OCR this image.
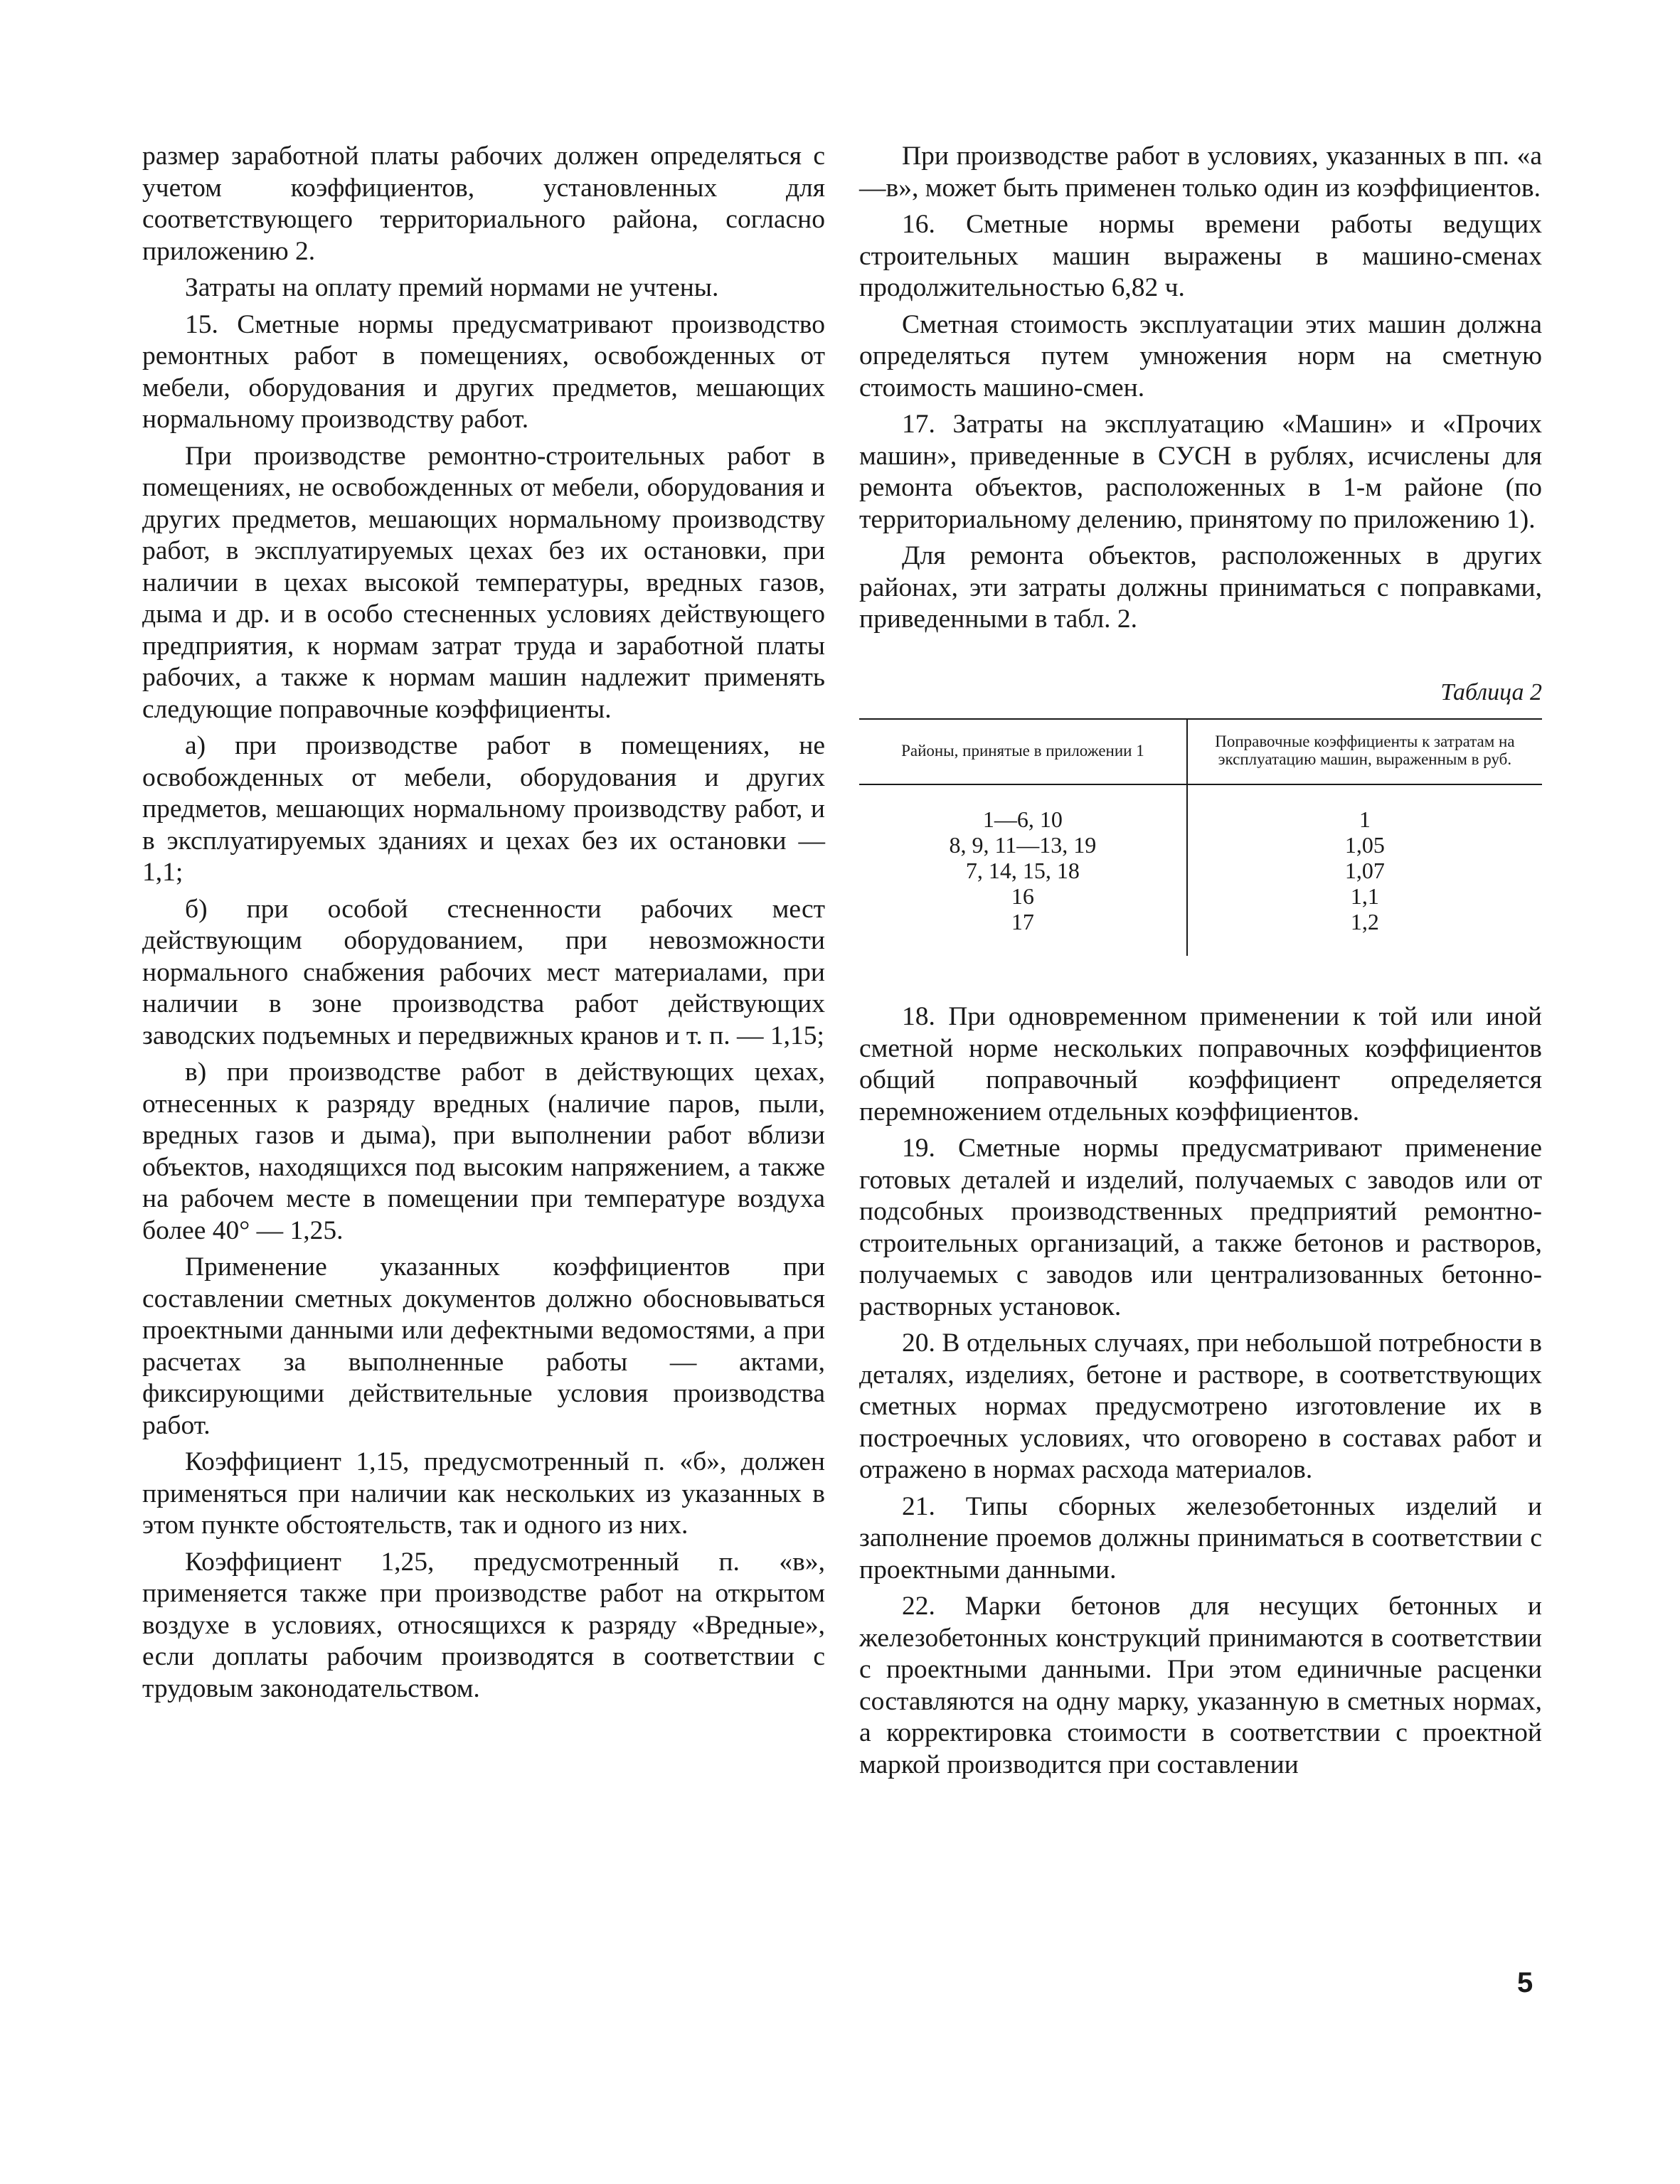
размер заработной платы рабочих должен определяться с учетом коэффициентов, установленных для соответствующего территориального района, согласно приложению 2.

Затраты на оплату премий нормами не учтены.

15. Сметные нормы предусматривают производство ремонтных работ в помещениях, освобожденных от мебели, оборудования и других предметов, мешающих нормальному производству работ.

При производстве ремонтно-строительных работ в помещениях, не освобожденных от мебели, оборудования и других предметов, мешающих нормальному производству работ, в эксплуатируемых цехах без их остановки, при наличии в цехах высокой температуры, вредных газов, дыма и др. и в особо стесненных условиях действующего предприятия, к нормам затрат труда и заработной платы рабочих, а также к нормам машин надлежит применять следующие поправочные коэффициенты.

а) при производстве работ в помещениях, не освобожденных от мебели, оборудования и других предметов, мешающих нормальному производству работ, и в эксплуатируемых зданиях и цехах без их остановки — 1,1;

б) при особой стесненности рабочих мест действующим оборудованием, при невозможности нормального снабжения рабочих мест материалами, при наличии в зоне производства работ действующих заводских подъемных и передвижных кранов и т. п. — 1,15;

в) при производстве работ в действующих цехах, отнесенных к разряду вредных (наличие паров, пыли, вредных газов и дыма), при выполнении работ вблизи объектов, находящихся под высоким напряжением, а также на рабочем месте в помещении при температуре воздуха более 40° — 1,25.

Применение указанных коэффициентов при составлении сметных документов должно обосновываться проектными данными или дефектными ведомостями, а при расчетах за выполненные работы — актами, фиксирующими действительные условия производства работ.

Коэффициент 1,15, предусмотренный п. «б», должен применяться при наличии как нескольких из указанных в этом пункте обстоятельств, так и одного из них.

Коэффициент 1,25, предусмотренный п. «в», применяется также при производстве работ на открытом воздухе в условиях, относящихся к разряду «Вредные», если доплаты рабочим производятся в соответствии с трудовым законодательством.

При производстве работ в условиях, указанных в пп. «а—в», может быть применен только один из коэффициентов.

16. Сметные нормы времени работы ведущих строительных машин выражены в машино-сменах продолжительностью 6,82 ч.

Сметная стоимость эксплуатации этих машин должна определяться путем умножения норм на сметную стоимость машино-смен.

17. Затраты на эксплуатацию «Машин» и «Прочих машин», приведенные в СУСН в рублях, исчислены для ремонта объектов, расположенных в 1-м районе (по территориальному делению, принятому по приложению 1).

Для ремонта объектов, расположенных в других районах, эти затраты должны приниматься с поправками, приведенными в табл. 2.

Таблица 2
Районы, принятые в приложении 1	Поправочные коэффициенты к затратам на эксплуатацию машин, выраженным в руб.
1—6, 10	1
8, 9, 11—13, 19	1,05
7, 14, 15, 18	1,07
16	1,1
17	1,2

18. При одновременном применении к той или иной сметной норме нескольких поправочных коэффициентов общий поправочный коэффициент определяется перемножением отдельных коэффициентов.

19. Сметные нормы предусматривают применение готовых деталей и изделий, получаемых с заводов или от подсобных производственных предприятий ремонтно-строительных организаций, а также бетонов и растворов, получаемых с заводов или централизованных бетонно-растворных установок.

20. В отдельных случаях, при небольшой потребности в деталях, изделиях, бетоне и растворе, в соответствующих сметных нормах предусмотрено изготовление их в построечных условиях, что оговорено в составах работ и отражено в нормах расхода материалов.

21. Типы сборных железобетонных изделий и заполнение проемов должны приниматься в соответствии с проектными данными.

22. Марки бетонов для несущих бетонных и железобетонных конструкций принимаются в соответствии с проектными данными. При этом единичные расценки составляются на одну марку, указанную в сметных нормах, а корректировка стоимости в соответствии с проектной маркой производится при составлении

5
